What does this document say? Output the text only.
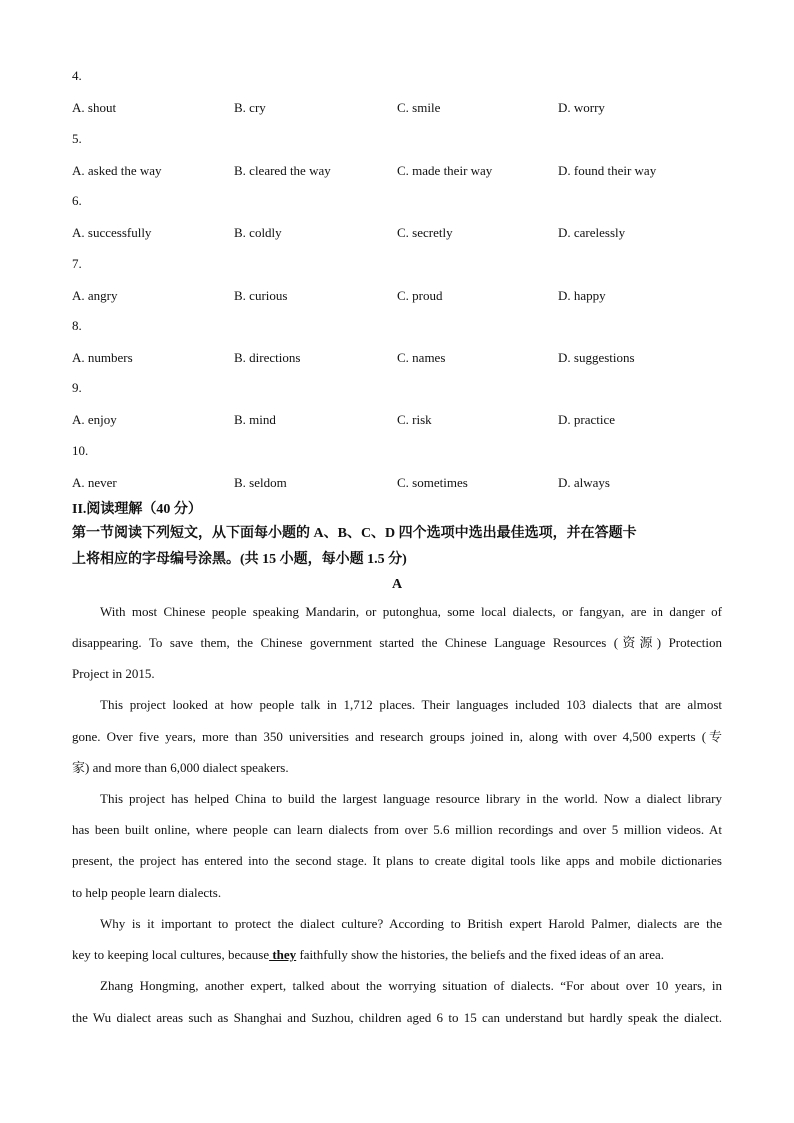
4.
A. shout	B. cry	C. smile	D. worry
5.
A. asked the way	B. cleared the way	C. made their way	D. found their way
6.
A. successfully	B. coldly	C. secretly	D. carelessly
7.
A. angry	B. curious	C. proud	D. happy
8.
A. numbers	B. directions	C. names	D. suggestions
9.
A. enjoy	B. mind	C. risk	D. practice
10.
A. never	B. seldom	C. sometimes	D. always
II.阅读理解（40 分）
第一节阅读下列短文，从下面每小题的 A、B、C、D 四个选项中选出最佳选项，并在答题卡
上将相应的字母编号涂黑。(共 15 小题，每小题 1.5 分)
A
With most Chinese people speaking Mandarin, or putonghua, some local dialects, or fangyan, are in danger of
disappearing. To save them, the Chinese government started the Chinese Language Resources (资源) Protection
Project in 2015.
This project looked at how people talk in 1,712 places. Their languages included 103 dialects that are almost
gone. Over five years, more than 350 universities and research groups joined in, along with over 4,500 experts (专
家) and more than 6,000 dialect speakers.
This project has helped China to build the largest language resource library in the world. Now a dialect library
has been built online, where people can learn dialects from over 5.6 million recordings and over 5 million videos. At
present, the project has entered into the second stage. It plans to create digital tools like apps and mobile dictionaries
to help people learn dialects.
Why is it important to protect the dialect culture? According to British expert Harold Palmer, dialects are the
key to keeping local cultures, because they faithfully show the histories, the beliefs and the fixed ideas of an area.
Zhang Hongming, another expert, talked about the worrying situation of dialects. “For about over 10 years, in
the Wu dialect areas such as Shanghai and Suzhou, children aged 6 to 15 can understand but hardly speak the dialect.
